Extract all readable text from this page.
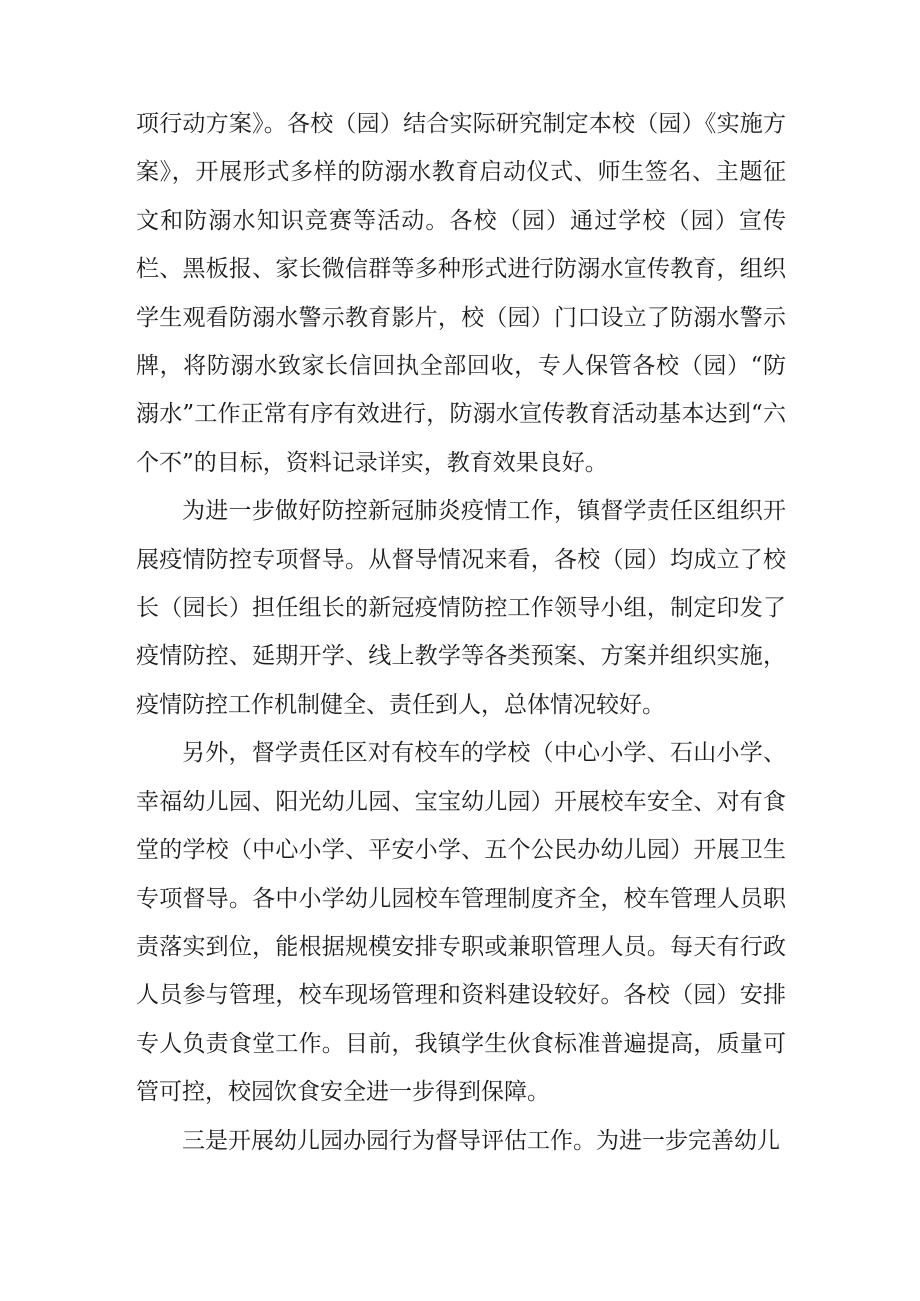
项行动方案》。各校（园）结合实际研究制定本校（园）《实施方案》，开展形式多样的防溺水教育启动仪式、师生签名、主题征文和防溺水知识竞赛等活动。各校（园）通过学校（园）宣传栏、黑板报、家长微信群等多种形式进行防溺水宣传教育，组织学生观看防溺水警示教育影片，校（园）门口设立了防溺水警示牌，将防溺水致家长信回执全部回收，专人保管各校（园）“防溺水”工作正常有序有效进行，防溺水宣传教育活动基本达到“六个不”的目标，资料记录详实，教育效果良好。

为进一步做好防控新冠肺炎疫情工作，镇督学责任区组织开展疫情防控专项督导。从督导情况来看，各校（园）均成立了校长（园长）担任组长的新冠疫情防控工作领导小组，制定印发了疫情防控、延期开学、线上教学等各类预案、方案并组织实施，疫情防控工作机制健全、责任到人，总体情况较好。

另外，督学责任区对有校车的学校（中心小学、石山小学、幸福幼儿园、阳光幼儿园、宝宝幼儿园）开展校车安全、对有食堂的学校（中心小学、平安小学、五个公民办幼儿园）开展卫生专项督导。各中小学幼儿园校车管理制度齐全，校车管理人员职责落实到位，能根据规模安排专职或兼职管理人员。每天有行政人员参与管理，校车现场管理和资料建设较好。各校（园）安排专人负责食堂工作。目前，我镇学生伙食标准普遍提高，质量可管可控，校园饮食安全进一步得到保障。

三是开展幼儿园办园行为督导评估工作。为进一步完善幼儿
